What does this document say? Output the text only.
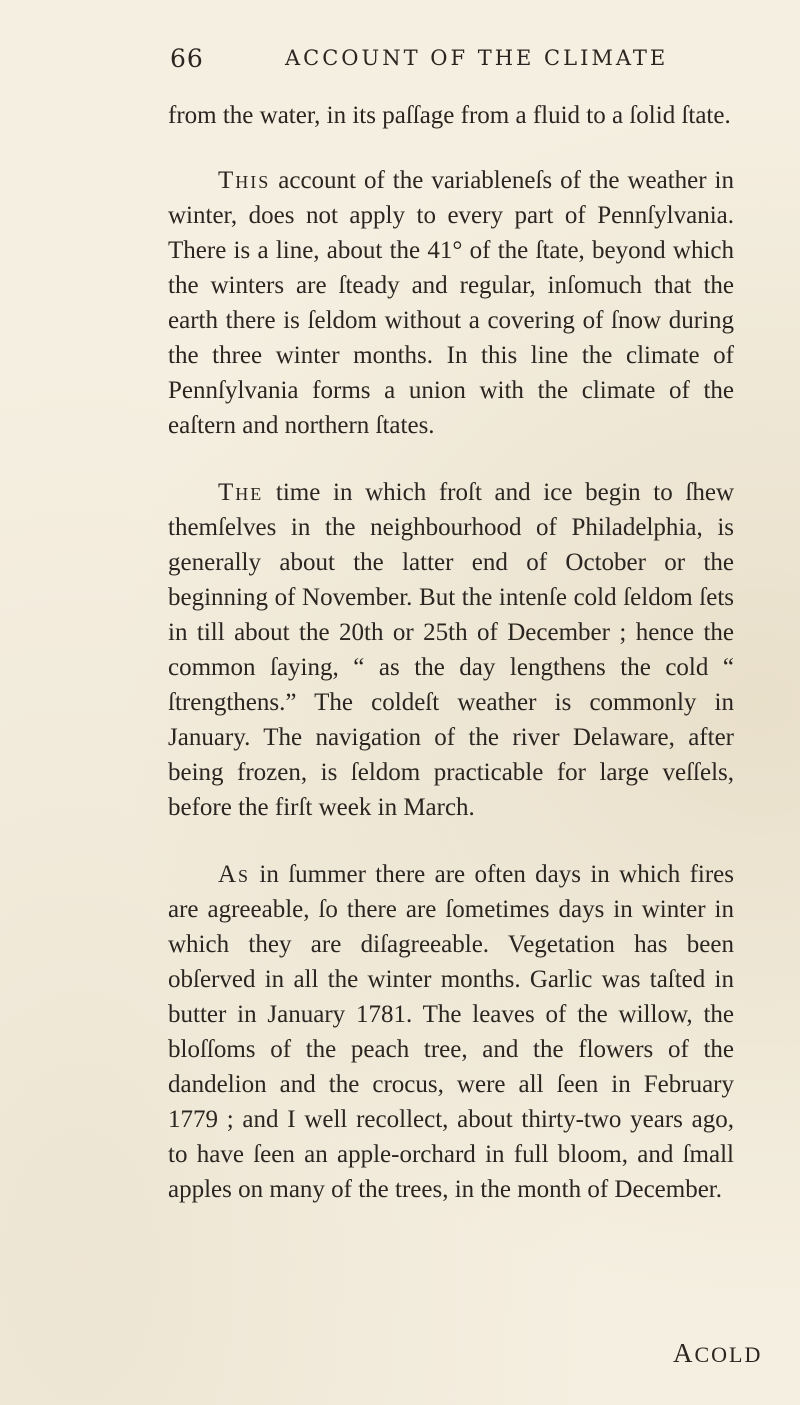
66	ACCOUNT OF THE CLIMATE

from the water, in its paſſage from a fluid to a ſolid ſtate.

This account of the variableneſs of the weather in winter, does not apply to every part of Pennſylvania. There is a line, about the 41° of the ſtate, beyond which the winters are ſteady and regular, inſomuch that the earth there is ſeldom without a covering of ſnow during the three winter months. In this line the climate of Pennſylvania forms a union with the climate of the eaſtern and northern ſtates.

The time in which froſt and ice begin to ſhew themſelves in the neighbourhood of Philadelphia, is generally about the latter end of October or the beginning of November. But the intenſe cold ſeldom ſets in till about the 20th or 25th of December ; hence the common ſaying, “ as the day lengthens the cold “ ſtrengthens.” The coldeſt weather is commonly in January. The navigation of the river Delaware, after being frozen, is ſeldom practicable for large veſſels, before the firſt week in March.

As in ſummer there are often days in which fires are agreeable, ſo there are ſometimes days in winter in which they are diſagreeable. Vegetation has been obſerved in all the winter months. Garlic was taſted in butter in January 1781. The leaves of the willow, the bloſſoms of the peach tree, and the flowers of the dandelion and the crocus, were all ſeen in February 1779 ; and I well recollect, about thirty-two years ago, to have ſeen an apple-orchard in full bloom, and ſmall apples on many of the trees, in the month of December.

ACOLD
